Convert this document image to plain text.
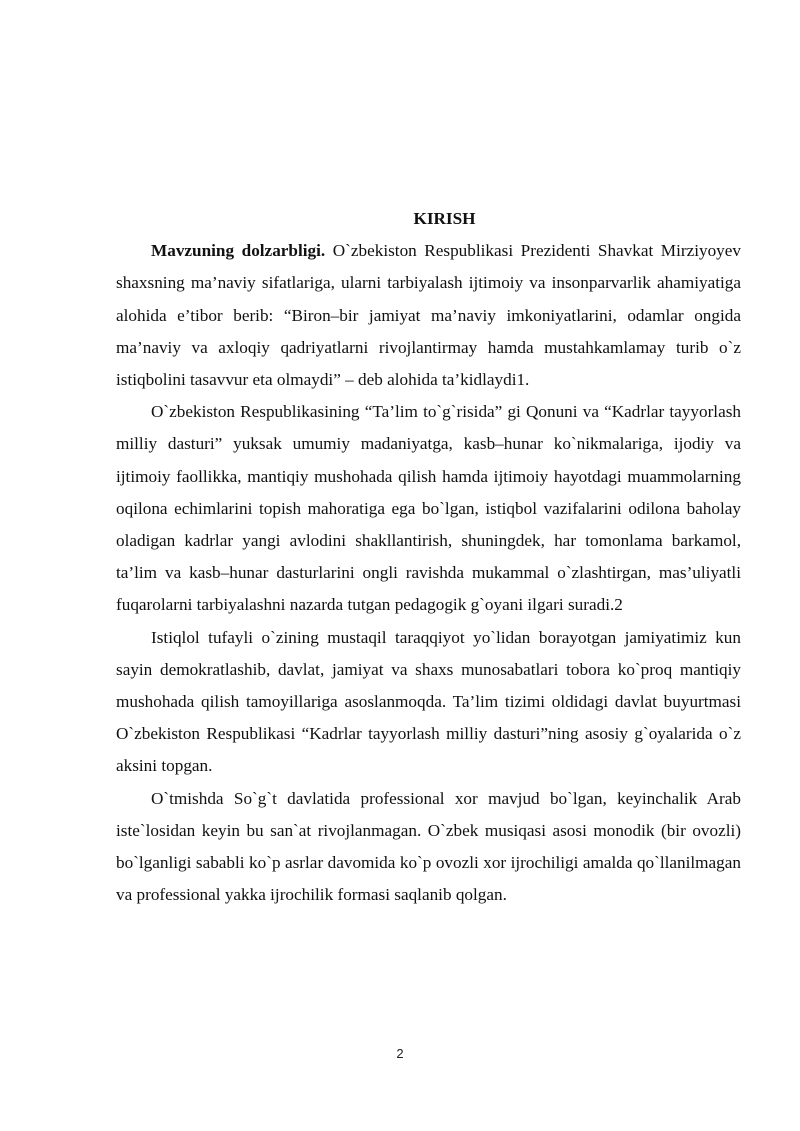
KIRISH

Mavzuning dolzarbligi. O`zbekiston Respublikasi Prezidenti Shavkat Mirziyoyev shaxsning ma’naviy sifatlariga, ularni tarbiyalash ijtimoiy va insonparvarlik ahamiyatiga alohida e’tibor berib: “Biron–bir jamiyat ma’naviy imkoniyatlarini, odamlar ongida ma’naviy va axloqiy qadriyatlarni rivojlantirmay hamda mustahkamlamay turib o`z istiqbolini tasavvur eta olmaydi” – deb alohida ta’kidlaydi1.

O`zbekiston Respublikasining “Ta’lim to`g`risida” gi Qonuni va “Kadrlar tayyorlash milliy dasturi” yuksak umumiy madaniyatga, kasb–hunar ko`nikmalariga, ijodiy va ijtimoiy faollikka, mantiqiy mushohada qilish hamda ijtimoiy hayotdagi muammolarning oqilona echimlarini topish mahoratiga ega bo`lgan, istiqbol vazifalarini odilona baholay oladigan kadrlar yangi avlodini shakllantirish, shuningdek, har tomonlama barkamol, ta’lim va kasb–hunar dasturlarini ongli ravishda mukammal o`zlashtirgan, mas’uliyatli fuqarolarni tarbiyalashni nazarda tutgan pedagogik g`oyani ilgari suradi.2

Istiqlol tufayli o`zining mustaqil taraqqiyot yo`lidan borayotgan jamiyatimiz kun sayin demokratlashib, davlat, jamiyat va shaxs munosabatlari tobora ko`proq mantiqiy mushohada qilish tamoyillariga asoslanmoqda. Ta’lim tizimi oldidagi davlat buyurtmasi O`zbekiston Respublikasi “Kadrlar tayyorlash milliy dasturi”ning asosiy g`oyalarida o`z aksini topgan.

O`tmishda So`g`t davlatida professional xor mavjud bo`lgan, keyinchalik Arab iste`losidan keyin bu san`at rivojlanmagan. O`zbek musiqasi asosi monodik (bir ovozli) bo`lganligi sababli ko`p asrlar davomida ko`p ovozli xor ijrochiligi amalda qo`llanilmagan va professional yakka ijrochilik formasi saqlanib qolgan.

2
